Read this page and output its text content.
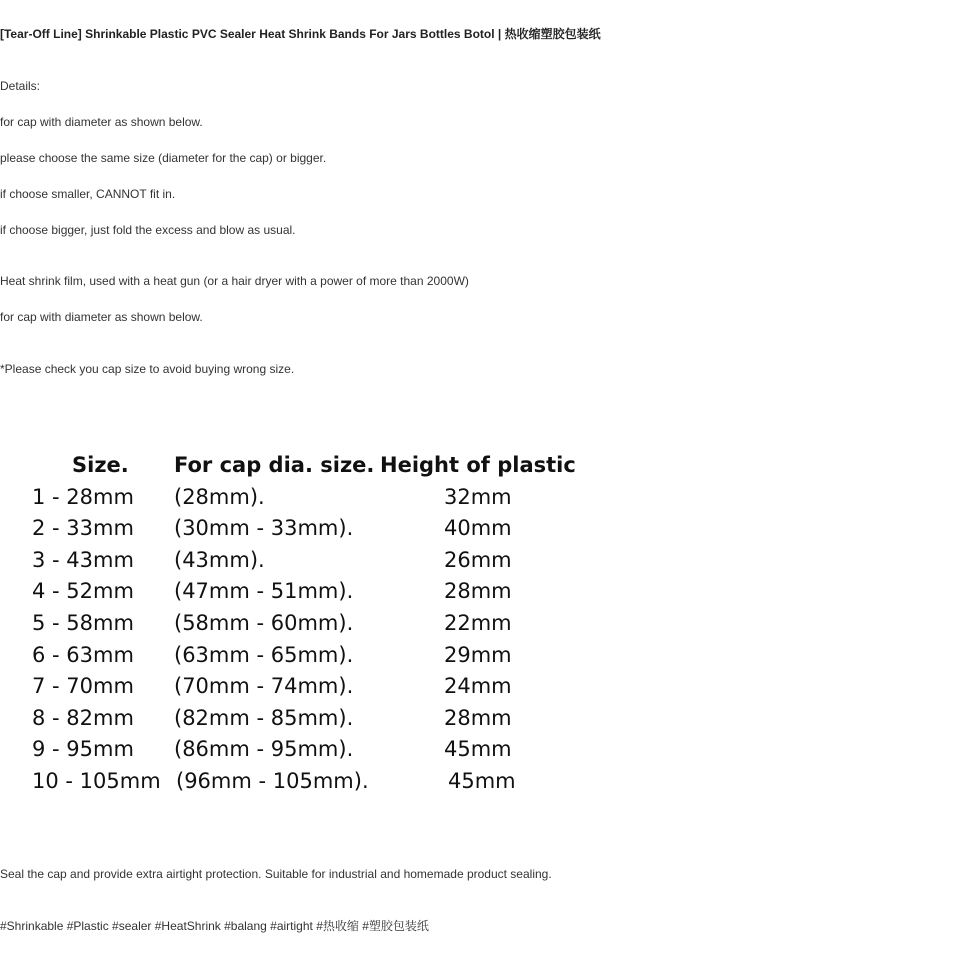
[Tear-Off Line] Shrinkable Plastic PVC Sealer Heat Shrink Bands For Jars Bottles Botol | 热收缩塑胶包装纸
Details:
for cap with diameter as shown below.
please choose the same size (diameter for the cap) or bigger.
if choose smaller, CANNOT fit in.
if choose bigger, just fold the excess and blow as usual.
Heat shrink film, used with a heat gun (or a hair dryer with a power of more than 2000W)
for cap with diameter as shown below.
*Please check you cap size to avoid buying wrong size.
Size. For cap dia. size. Height of plastic
1 - 28mm (28mm).	32mm
2 - 33mm (30mm - 33mm).	40mm
3 - 43mm (43mm).	26mm
4 - 52mm (47mm - 51mm).	28mm
5 - 58mm (58mm - 60mm).	22mm
6 - 63mm (63mm - 65mm).	29mm
7 - 70mm (70mm - 74mm).	24mm
8 - 82mm (82mm - 85mm).	28mm
9 - 95mm (86mm - 95mm).	45mm
10 - 105mm (96mm - 105mm).	45mm
Seal the cap and provide extra airtight protection. Suitable for industrial and homemade product sealing.
#Shrinkable #Plastic #sealer #HeatShrink #balang #airtight #热收缩 #塑胶包装纸
